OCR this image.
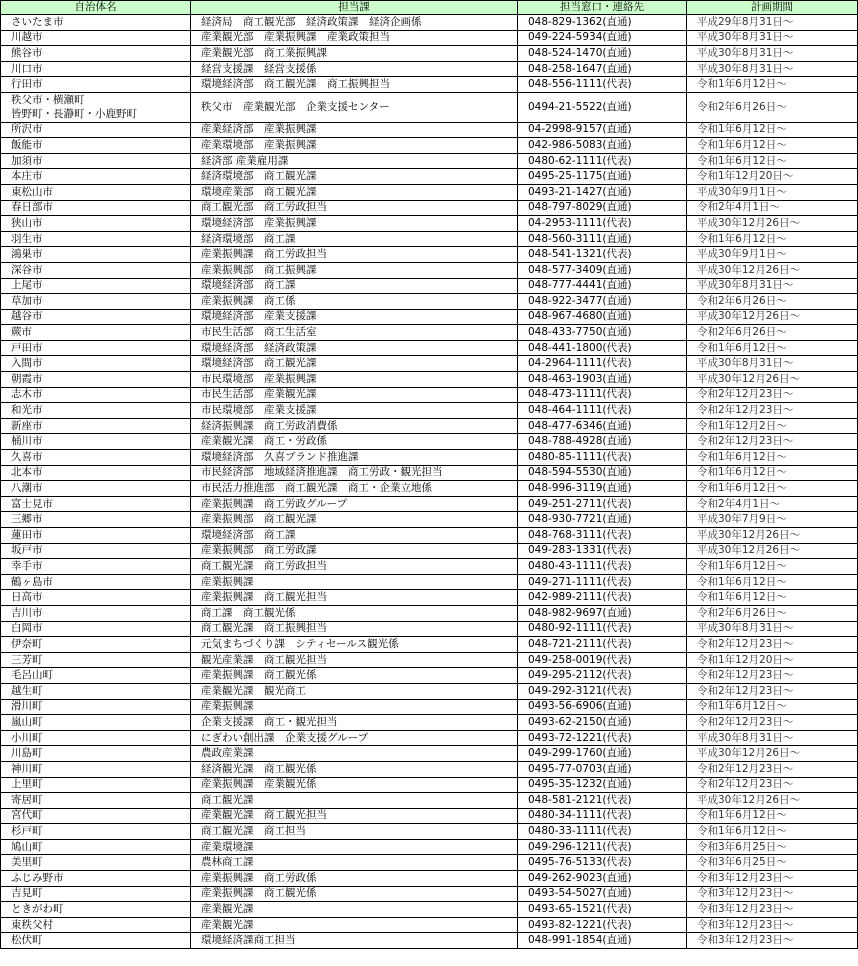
自治体名	担当課	担当窓口・連絡先	計画期間
さいたま市	経済局　商工観光部　経済政策課　経済企画係	048-829-1362(直通)	平成29年8月31日～
川越市	産業観光部　産業振興課　産業政策担当	049-224-5934(直通)	平成30年8月31日～
熊谷市	産業観光部　商工業振興課	048-524-1470(直通)	平成30年8月31日～
川口市	経営支援課　経営支援係	048-258-1647(直通)	平成30年8月31日～
行田市	環境経済部　商工観光課　商工振興担当	048-556-1111(代表)	令和1年6月12日～

秩父市・横瀬町
皆野町・長瀞町・小鹿野町	秩父市　産業観光部　企業支援センター	0494-21-5522(直通)	令和2年6月26日～
所沢市	産業経済部　産業振興課	04-2998-9157(直通)	令和1年6月12日～
飯能市	産業環境部　産業振興課	042-986-5083(直通)	令和1年6月12日～
加須市	経済部 産業雇用課	0480-62-1111(代表)	令和1年6月12日～
本庄市	経済環境部　商工観光課	0495-25-1175(直通)	令和1年12月20日～
東松山市	環境産業部　商工観光課	0493-21-1427(直通)	平成30年9月1日～
春日部市	商工観光部　商工労政担当	048-797-8029(直通)	令和2年4月1日～
狭山市	環境経済部　産業振興課	04-2953-1111(代表)	平成30年12月26日～
羽生市	経済環境部　商工課	048-560-3111(直通)	令和1年6月12日～
鴻巣市	産業振興課　商工労政担当	048-541-1321(代表)	平成30年9月1日～
深谷市	産業振興部　商工振興課	048-577-3409(直通)	平成30年12月26日～
上尾市	環境経済部　商工課	048-777-4441(直通)	平成30年8月31日～
草加市	産業振興課　商工係	048-922-3477(直通)	令和2年6月26日～
越谷市	環境経済部　産業支援課	048-967-4680(直通)	平成30年12月26日～
蕨市	市民生活部　商工生活室	048-433-7750(直通)	令和2年6月26日～
戸田市	環境経済部　経済政策課	048-441-1800(代表)	令和1年6月12日～
入間市	環境経済部　商工観光課	04-2964-1111(代表)	平成30年8月31日～
朝霞市	市民環境部　産業振興課	048-463-1903(直通)	平成30年12月26日～
志木市	市民生活部　産業観光課	048-473-1111(代表)	令和2年12月23日～
和光市	市民環境部　産業支援課	048-464-1111(代表)	令和2年12月23日～
新座市	経済振興課　商工労政消費係	048-477-6346(直通)	令和1年12月2日～
桶川市	産業観光課　商工・労政係	048-788-4928(直通)	令和2年12月23日～
久喜市	環境経済部　久喜ブランド推進課	0480-85-1111(代表)	令和1年6月12日～
北本市	市民経済部　地域経済推進課　商工労政・観光担当	048-594-5530(直通)	令和1年6月12日～
八潮市	市民活力推進部　商工観光課　商工・企業立地係	048-996-3119(直通)	令和1年6月12日～
富士見市	産業振興課　商工労政グループ	049-251-2711(代表)	令和2年4月1日～
三郷市	産業振興部　商工観光課	048-930-7721(直通)	平成30年7月9日～
蓮田市	環境経済部　商工課	048-768-3111(代表)	平成30年12月26日～
坂戸市	産業振興部　商工労政課	049-283-1331(代表)	平成30年12月26日～
幸手市	商工観光課　商工労政担当	0480-43-1111(代表)	令和1年6月12日～
鶴ヶ島市	産業振興課	049-271-1111(代表)	令和1年6月12日～
日高市	産業振興課　商工観光担当	042-989-2111(代表)	令和1年6月12日～
吉川市	商工課　商工観光係	048-982-9697(直通)	令和2年6月26日～
白岡市	商工観光課　商工振興担当	0480-92-1111(代表)	平成30年8月31日～
伊奈町	元気まちづくり課　シティセールス観光係	048-721-2111(代表)	令和2年12月23日～
三芳町	観光産業課　商工観光担当	049-258-0019(代表)	令和1年12月20日～
毛呂山町	産業振興課　商工観光係	049-295-2112(代表)	令和2年12月23日～
越生町	産業観光課　観光商工	049-292-3121(代表)	令和2年12月23日～
滑川町	産業振興課	0493-56-6906(直通)	令和1年6月12日～
嵐山町	企業支援課　商工・観光担当	0493-62-2150(直通)	令和2年12月23日～
小川町	にぎわい創出課　企業支援グループ	0493-72-1221(代表)	平成30年8月31日～
川島町	農政産業課	049-299-1760(直通)	平成30年12月26日～
神川町	経済観光課　商工観光係	0495-77-0703(直通)	令和2年12月23日～
上里町	産業振興課　産業観光係	0495-35-1232(直通)	令和2年12月23日～
寄居町	商工観光課	048-581-2121(代表)	平成30年12月26日～
宮代町	産業観光課　商工観光担当	0480-34-1111(代表)	令和1年6月12日～
杉戸町	商工観光課　商工担当	0480-33-1111(代表)	令和1年6月12日～
鳩山町	産業環境課	049-296-1211(代表)	令和3年6月25日～
美里町	農林商工課	0495-76-5133(代表)	令和3年6月25日～
ふじみ野市	産業振興課　商工労政係	049-262-9023(直通)	令和3年12月23日～
吉見町	産業振興課　商工観光係	0493-54-5027(直通)	令和3年12月23日～
ときがわ町	産業観光課	0493-65-1521(代表)	令和3年12月23日～
東秩父村	産業観光課	0493-82-1221(代表)	令和3年12月23日～
松伏町	環境経済課商工担当	048-991-1854(直通)	令和3年12月23日～
